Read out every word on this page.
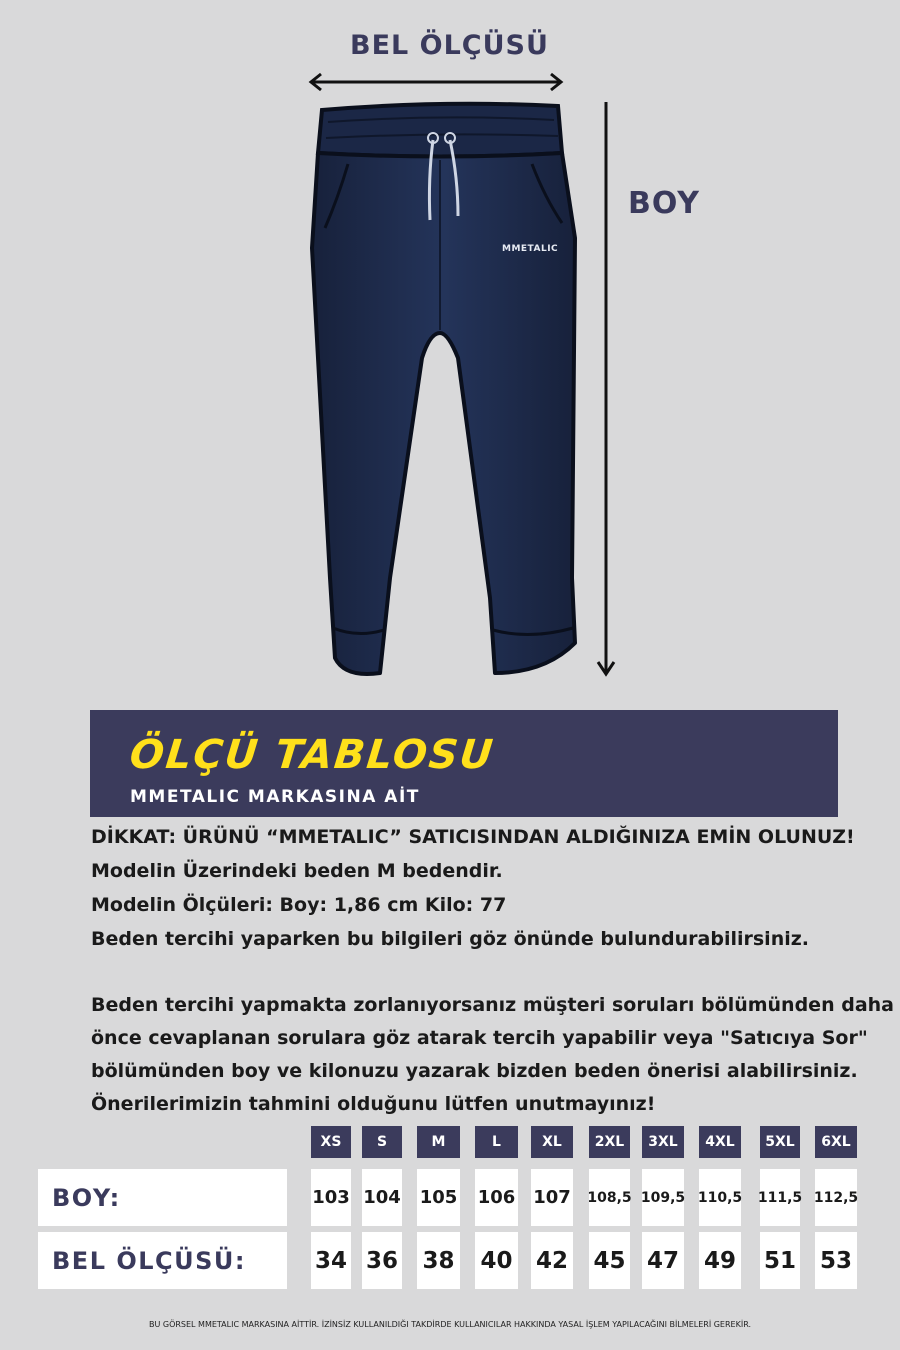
BEL ÖLÇÜSÜ
BOY
MMETALIC
ÖLÇÜ TABLOSU
MMETALIC MARKASINA AİT
DİKKAT: ÜRÜNÜ “MMETALIC” SATICISINDAN ALDIĞINIZA EMİN OLUNUZ!
Modelin Üzerindeki beden M bedendir.
Modelin Ölçüleri: Boy: 1,86 cm Kilo: 77
Beden tercihi yaparken bu bilgileri göz önünde bulundurabilirsiniz.
Beden tercihi yapmakta zorlanıyorsanız müşteri soruları bölümünden daha
önce cevaplanan sorulara göz atarak tercih yapabilir veya "Satıcıya Sor"
bölümünden boy ve kilonuzu yazarak bizden beden önerisi alabilirsiniz.
Önerilerimizin tahmini olduğunu lütfen unutmayınız!
BOY:
BEL ÖLÇÜSÜ:
XS
103
34
S
104
36
M
105
38
L
106
40
XL
107
42
2XL
108,5
45
3XL
109,5
47
4XL
110,5
49
5XL
111,5
51
6XL
112,5
53
BU GÖRSEL MMETALIC MARKASINA AİTTİR. İZİNSİZ KULLANILDIĞI TAKDİRDE KULLANICILAR HAKKINDA YASAL İŞLEM YAPILACAĞINI BİLMELERİ GEREKİR.
